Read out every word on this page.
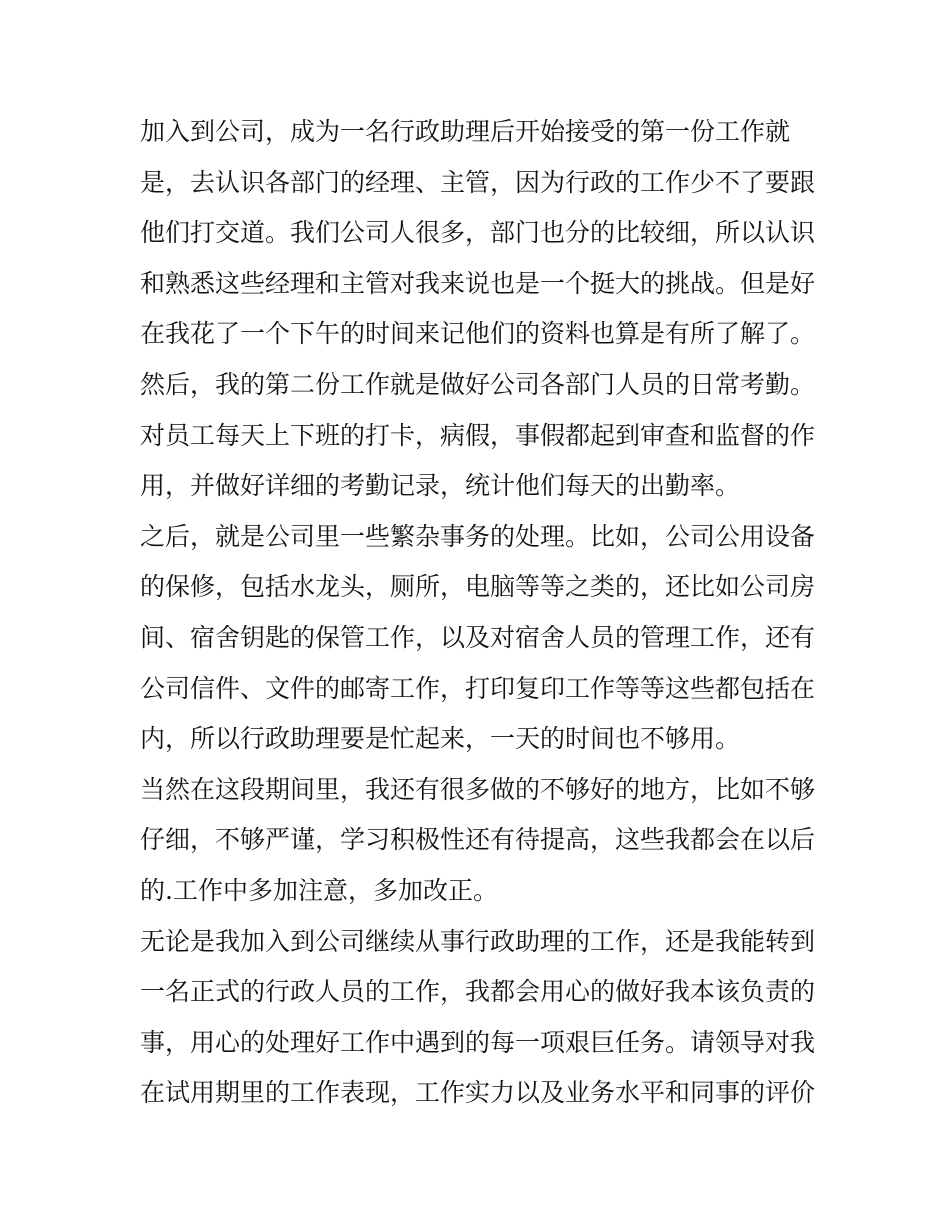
加入到公司，成为一名行政助理后开始接受的第一份工作就
是，去认识各部门的经理、主管，因为行政的工作少不了要跟
他们打交道。我们公司人很多，部门也分的比较细，所以认识
和熟悉这些经理和主管对我来说也是一个挺大的挑战。但是好
在我花了一个下午的时间来记他们的资料也算是有所了解了。
然后，我的第二份工作就是做好公司各部门人员的日常考勤。
对员工每天上下班的打卡，病假，事假都起到审查和监督的作
用，并做好详细的考勤记录，统计他们每天的出勤率。
之后，就是公司里一些繁杂事务的处理。比如，公司公用设备
的保修，包括水龙头，厕所，电脑等等之类的，还比如公司房
间、宿舍钥匙的保管工作，以及对宿舍人员的管理工作，还有
公司信件、文件的邮寄工作，打印复印工作等等这些都包括在
内，所以行政助理要是忙起来，一天的时间也不够用。
当然在这段期间里，我还有很多做的不够好的地方，比如不够
仔细，不够严谨，学习积极性还有待提高，这些我都会在以后
的.工作中多加注意，多加改正。
无论是我加入到公司继续从事行政助理的工作，还是我能转到
一名正式的行政人员的工作，我都会用心的做好我本该负责的
事，用心的处理好工作中遇到的每一项艰巨任务。请领导对我
在试用期里的工作表现，工作实力以及业务水平和同事的评价
